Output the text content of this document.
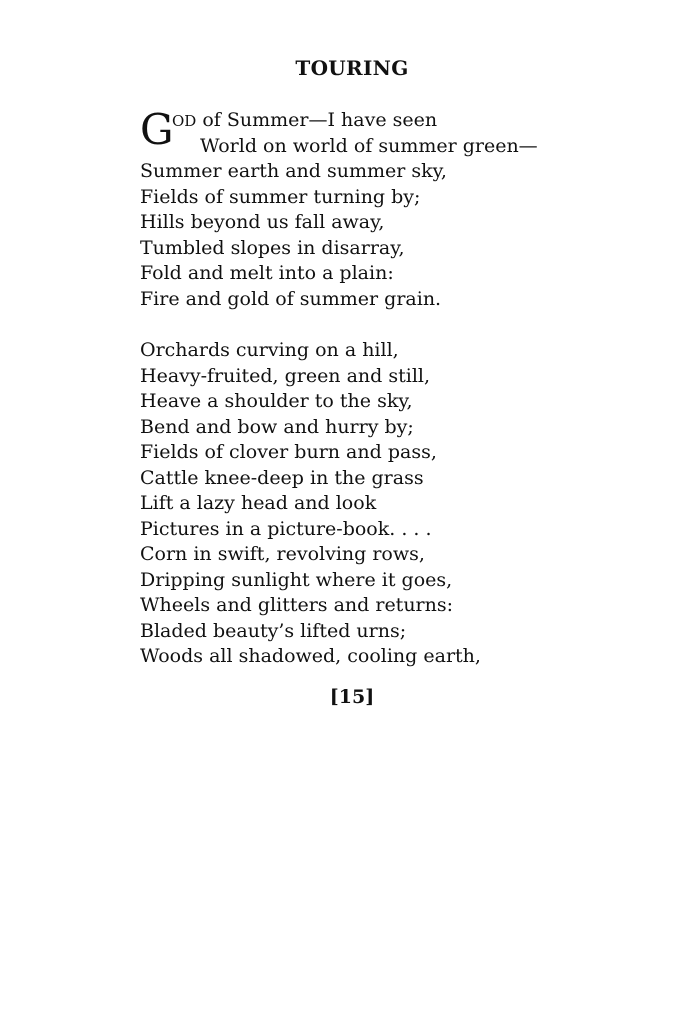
TOURING
G
OD of Summer—I have seen
World on world of summer green—
Summer earth and summer sky,
Fields of summer turning by;
Hills beyond us fall away,
Tumbled slopes in disarray,
Fold and melt into a plain:
Fire and gold of summer grain.
Orchards curving on a hill,
Heavy-fruited, green and still,
Heave a shoulder to the sky,
Bend and bow and hurry by;
Fields of clover burn and pass,
Cattle knee-deep in the grass
Lift a lazy head and look
Pictures in a picture-book. . . .
Corn in swift, revolving rows,
Dripping sunlight where it goes,
Wheels and glitters and returns:
Bladed beauty’s lifted urns;
Woods all shadowed, cooling earth,
[15]
